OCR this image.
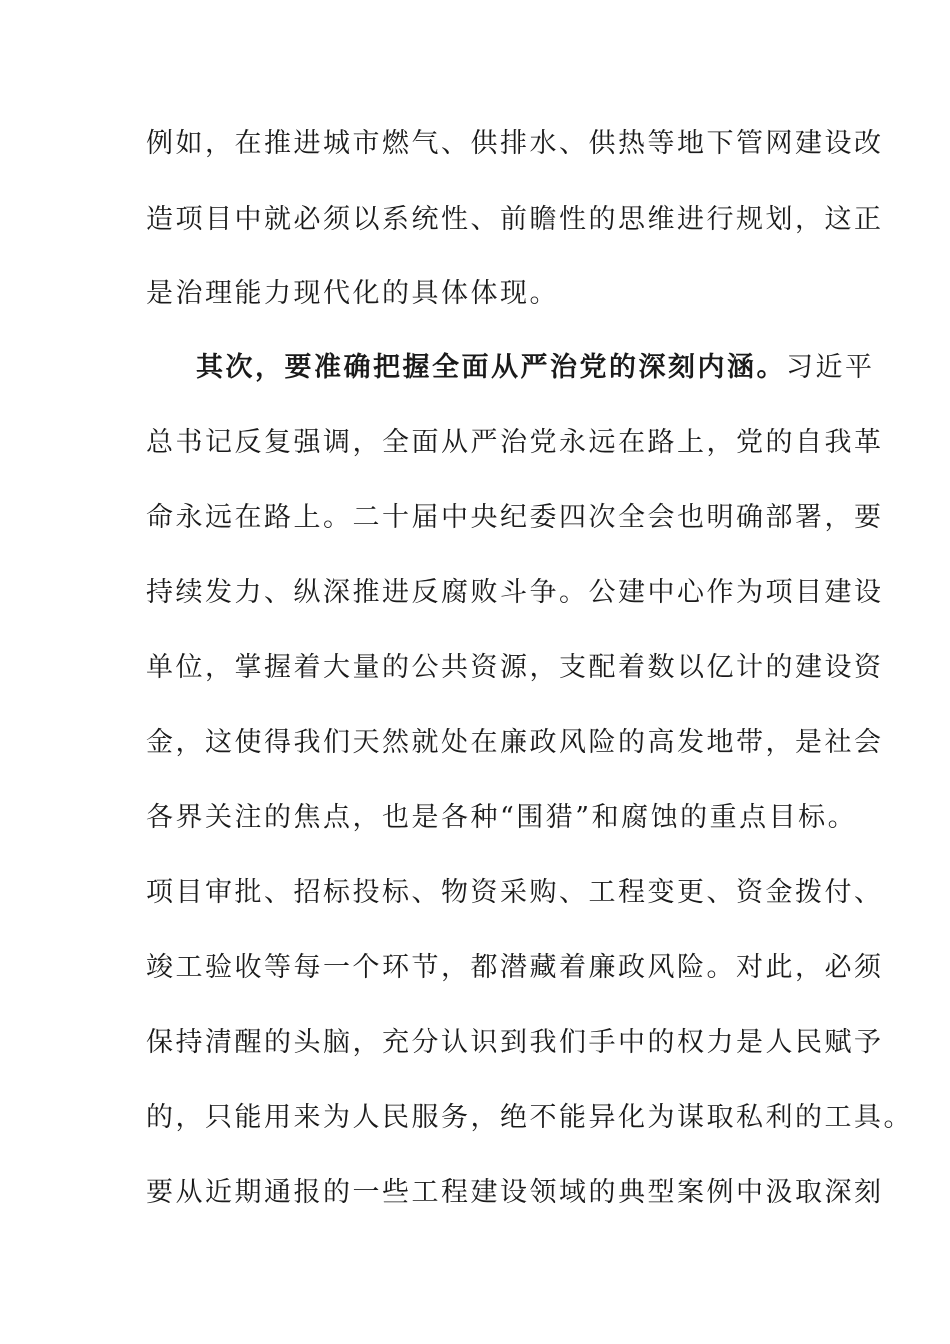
例如，在推进城市燃气、供排水、供热等地下管网建设改
造项目中就必须以系统性、前瞻性的思维进行规划，这正
是治理能力现代化的具体体现。
其次，要准确把握全面从严治党的深刻内涵。习近平
总书记反复强调，全面从严治党永远在路上，党的自我革
命永远在路上。二十届中央纪委四次全会也明确部署，要
持续发力、纵深推进反腐败斗争。公建中心作为项目建设
单位，掌握着大量的公共资源，支配着数以亿计的建设资
金，这使得我们天然就处在廉政风险的高发地带，是社会
各界关注的焦点，也是各种“围猎”和腐蚀的重点目标。
项目审批、招标投标、物资采购、工程变更、资金拨付、
竣工验收等每一个环节，都潜藏着廉政风险。对此，必须
保持清醒的头脑，充分认识到我们手中的权力是人民赋予
的，只能用来为人民服务，绝不能异化为谋取私利的工具。
要从近期通报的一些工程建设领域的典型案例中汲取深刻
